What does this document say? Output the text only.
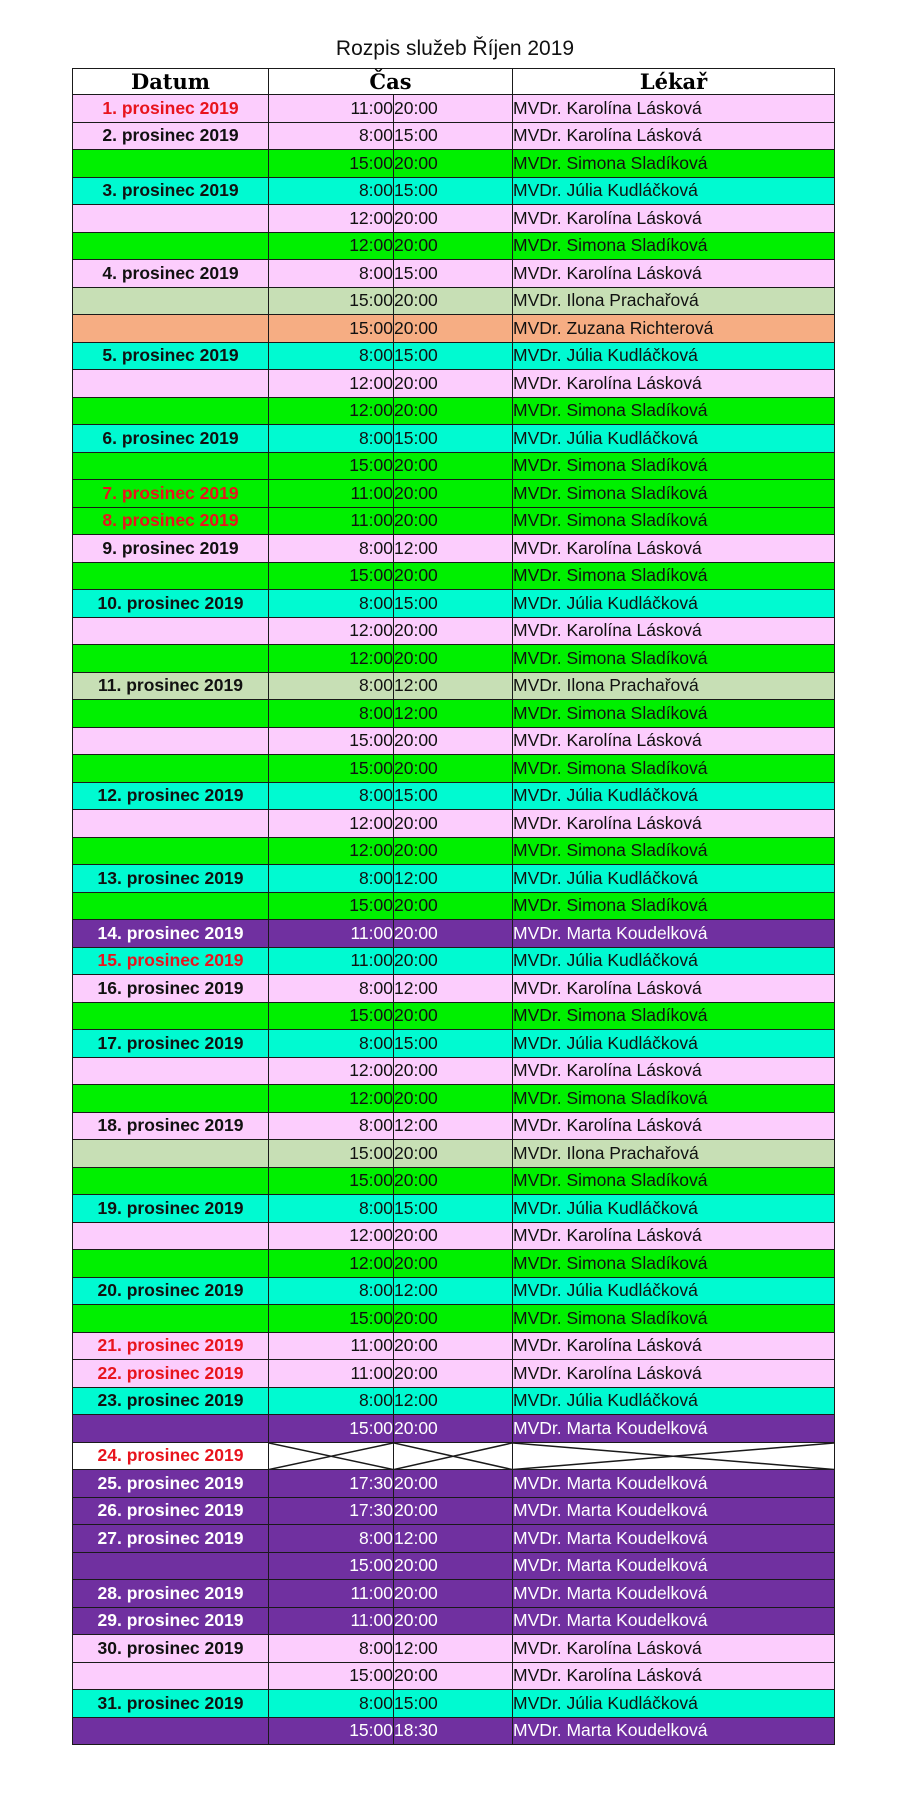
Rozpis služeb Říjen 2019
Datum	Čas		Lékař
1. prosinec 2019	11:00	20:00	MVDr. Karolína Lásková
2. prosinec 2019	8:00	15:00	MVDr. Karolína Lásková
	15:00	20:00	MVDr. Simona Sladíková
3. prosinec 2019	8:00	15:00	MVDr. Júlia Kudláčková
	12:00	20:00	MVDr. Karolína Lásková
	12:00	20:00	MVDr. Simona Sladíková
4. prosinec 2019	8:00	15:00	MVDr. Karolína Lásková
	15:00	20:00	MVDr. Ilona Prachařová
	15:00	20:00	MVDr. Zuzana Richterová
5. prosinec 2019	8:00	15:00	MVDr. Júlia Kudláčková
	12:00	20:00	MVDr. Karolína Lásková
	12:00	20:00	MVDr. Simona Sladíková
6. prosinec 2019	8:00	15:00	MVDr. Júlia Kudláčková
	15:00	20:00	MVDr. Simona Sladíková
7. prosinec 2019	11:00	20:00	MVDr. Simona Sladíková
8. prosinec 2019	11:00	20:00	MVDr. Simona Sladíková
9. prosinec 2019	8:00	12:00	MVDr. Karolína Lásková
	15:00	20:00	MVDr. Simona Sladíková
10. prosinec 2019	8:00	15:00	MVDr. Júlia Kudláčková
	12:00	20:00	MVDr. Karolína Lásková
	12:00	20:00	MVDr. Simona Sladíková
11. prosinec 2019	8:00	12:00	MVDr. Ilona Prachařová
	8:00	12:00	MVDr. Simona Sladíková
	15:00	20:00	MVDr. Karolína Lásková
	15:00	20:00	MVDr. Simona Sladíková
12. prosinec 2019	8:00	15:00	MVDr. Júlia Kudláčková
	12:00	20:00	MVDr. Karolína Lásková
	12:00	20:00	MVDr. Simona Sladíková
13. prosinec 2019	8:00	12:00	MVDr. Júlia Kudláčková
	15:00	20:00	MVDr. Simona Sladíková
14. prosinec 2019	11:00	20:00	MVDr. Marta Koudelková
15. prosinec 2019	11:00	20:00	MVDr. Júlia Kudláčková
16. prosinec 2019	8:00	12:00	MVDr. Karolína Lásková
	15:00	20:00	MVDr. Simona Sladíková
17. prosinec 2019	8:00	15:00	MVDr. Júlia Kudláčková
	12:00	20:00	MVDr. Karolína Lásková
	12:00	20:00	MVDr. Simona Sladíková
18. prosinec 2019	8:00	12:00	MVDr. Karolína Lásková
	15:00	20:00	MVDr. Ilona Prachařová
	15:00	20:00	MVDr. Simona Sladíková
19. prosinec 2019	8:00	15:00	MVDr. Júlia Kudláčková
	12:00	20:00	MVDr. Karolína Lásková
	12:00	20:00	MVDr. Simona Sladíková
20. prosinec 2019	8:00	12:00	MVDr. Júlia Kudláčková
	15:00	20:00	MVDr. Simona Sladíková
21. prosinec 2019	11:00	20:00	MVDr. Karolína Lásková
22. prosinec 2019	11:00	20:00	MVDr. Karolína Lásková
23. prosinec 2019	8:00	12:00	MVDr. Júlia Kudláčková
	15:00	20:00	MVDr. Marta Koudelková
24. prosinec 2019	

25. prosinec 2019	17:30	20:00	MVDr. Marta Koudelková
26. prosinec 2019	17:30	20:00	MVDr. Marta Koudelková
27. prosinec 2019	8:00	12:00	MVDr. Marta Koudelková
	15:00	20:00	MVDr. Marta Koudelková
28. prosinec 2019	11:00	20:00	MVDr. Marta Koudelková
29. prosinec 2019	11:00	20:00	MVDr. Marta Koudelková
30. prosinec 2019	8:00	12:00	MVDr. Karolína Lásková
	15:00	20:00	MVDr. Karolína Lásková
31. prosinec 2019	8:00	15:00	MVDr. Júlia Kudláčková
	15:00	18:30	MVDr. Marta Koudelková
